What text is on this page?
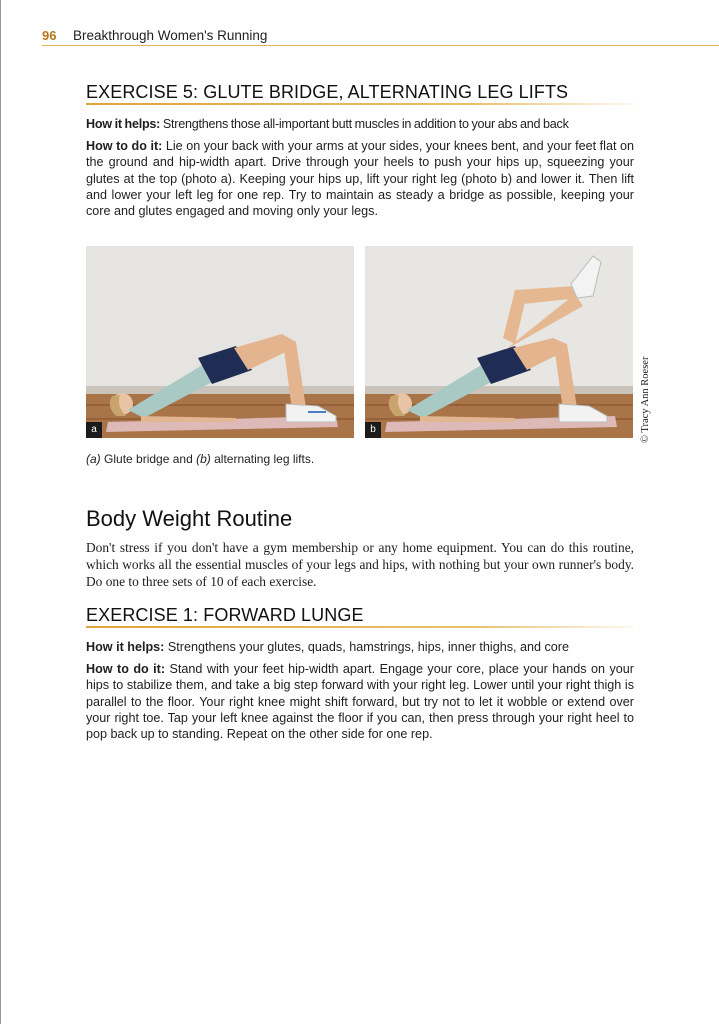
96 Breakthrough Women's Running
EXERCISE 5: GLUTE BRIDGE, ALTERNATING LEG LIFTS
How it helps: Strengthens those all-important butt muscles in addition to your abs and back
How to do it: Lie on your back with your arms at your sides, your knees bent, and your feet flat on the ground and hip-width apart. Drive through your heels to push your hips up, squeezing your glutes at the top (photo a). Keeping your hips up, lift your right leg (photo b) and lower it. Then lift and lower your left leg for one rep. Try to maintain as steady a bridge as possible, keeping your core and glutes engaged and moving only your legs.
a	b	© Tracy Ann Roeser
(a) Glute bridge and (b) alternating leg lifts.
Body Weight Routine
Don't stress if you don't have a gym membership or any home equipment. You can do this routine, which works all the essential muscles of your legs and hips, with nothing but your own runner's body. Do one to three sets of 10 of each exercise.
EXERCISE 1: FORWARD LUNGE
How it helps: Strengthens your glutes, quads, hamstrings, hips, inner thighs, and core
How to do it: Stand with your feet hip-width apart. Engage your core, place your hands on your hips to stabilize them, and take a big step forward with your right leg. Lower until your right thigh is parallel to the floor. Your right knee might shift forward, but try not to let it wobble or extend over your right toe. Tap your left knee against the floor if you can, then press through your right heel to pop back up to standing. Repeat on the other side for one rep.
